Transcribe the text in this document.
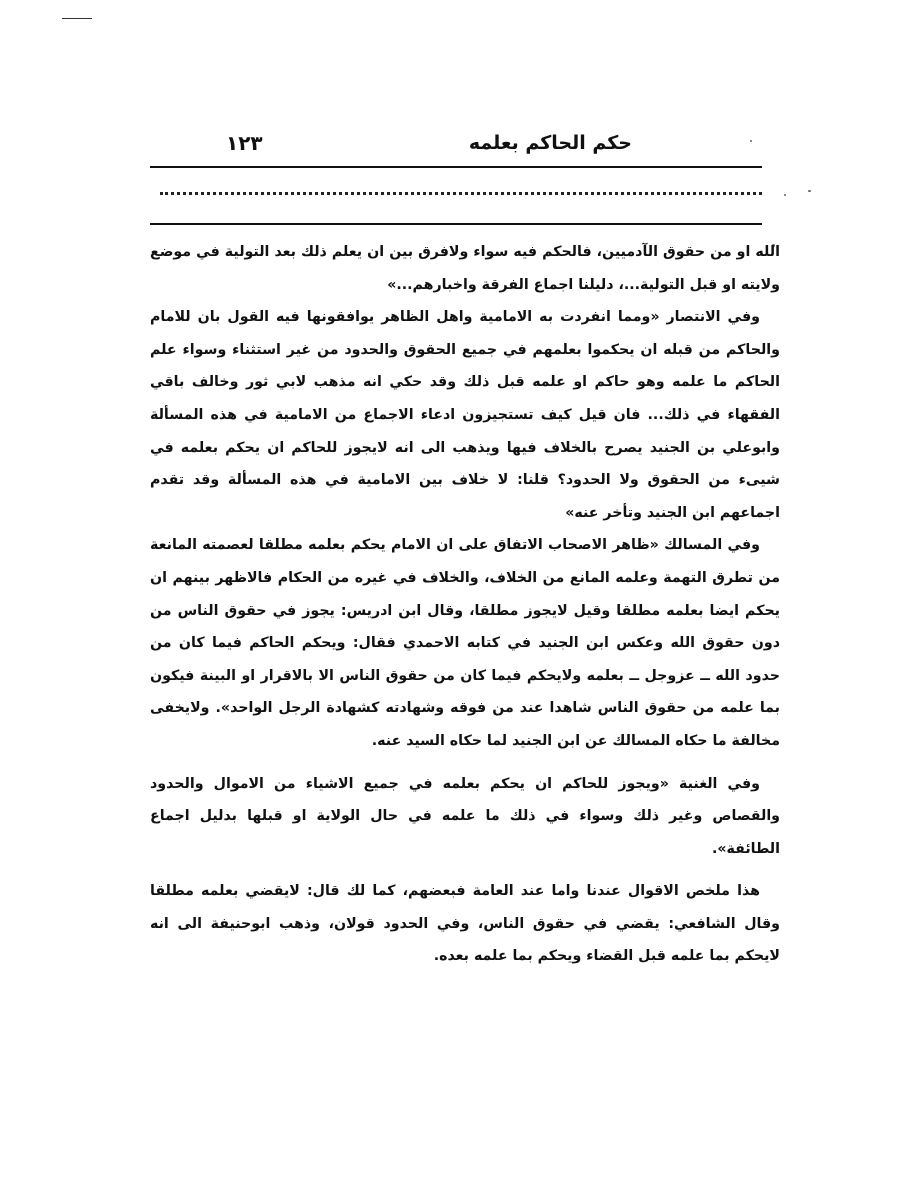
حكم الحاكم بعلمه
١٢٣

الله او من حقوق الآدميين، فالحكم فيه سواء ولافرق بين ان يعلم ذلك بعد التولية في موضع ولايته او قبل التولية...، دليلنا اجماع الفرقة واخبارهم...»

وفي الانتصار «ومما انفردت به الامامية واهل الظاهر يوافقونها فيه القول بان للامام والحاكم من قبله ان يحكموا بعلمهم في جميع الحقوق والحدود من غير استثناء وسواء علم الحاكم ما علمه وهو حاكم او علمه قبل ذلك وقد حكي انه مذهب لابي ثور وخالف باقي الفقهاء في ذلك... فان قيل كيف تستجيزون ادعاء الاجماع من الامامية في هذه المسألة وابوعلي بن الجنيد يصرح بالخلاف فيها ويذهب الى انه لايجوز للحاكم ان يحكم بعلمه في شيىء من الحقوق ولا الحدود؟ قلنا: لا خلاف بين الامامية في هذه المسألة وقد تقدم اجماعهم ابن الجنيد وتأخر عنه»

وفي المسالك «ظاهر الاصحاب الاتفاق على ان الامام يحكم بعلمه مطلقا لعصمته المانعة من تطرق التهمة وعلمه المانع من الخلاف، والخلاف في غيره من الحكام فالاظهر بينهم ان يحكم ايضا بعلمه مطلقا وقيل لايجوز مطلقا، وقال ابن ادريس: يجوز في حقوق الناس من دون حقوق الله وعكس ابن الجنيد في كتابه الاحمدي فقال: ويحكم الحاكم فيما كان من حدود الله ــ عزوجل ــ بعلمه ولايحكم فيما كان من حقوق الناس الا بالاقرار او البينة فيكون بما علمه من حقوق الناس شاهدا عند من فوقه وشهادته كشهادة الرجل الواحد». ولايخفى مخالفة ما حكاه المسالك عن ابن الجنيد لما حكاه السيد عنه.

وفي الغنية «ويجوز للحاكم ان يحكم بعلمه في جميع الاشياء من الاموال والحدود والقصاص وغير ذلك وسواء في ذلك ما علمه في حال الولاية او قبلها بدليل اجماع الطائفة».

هذا ملخص الاقوال عندنا واما عند العامة فبعضهم، كما لك قال: لايقضي بعلمه مطلقا وقال الشافعي: يقضي في حقوق الناس، وفي الحدود قولان، وذهب ابوحنيفة الى انه لايحكم بما علمه قبل القضاء ويحكم بما علمه بعده.
